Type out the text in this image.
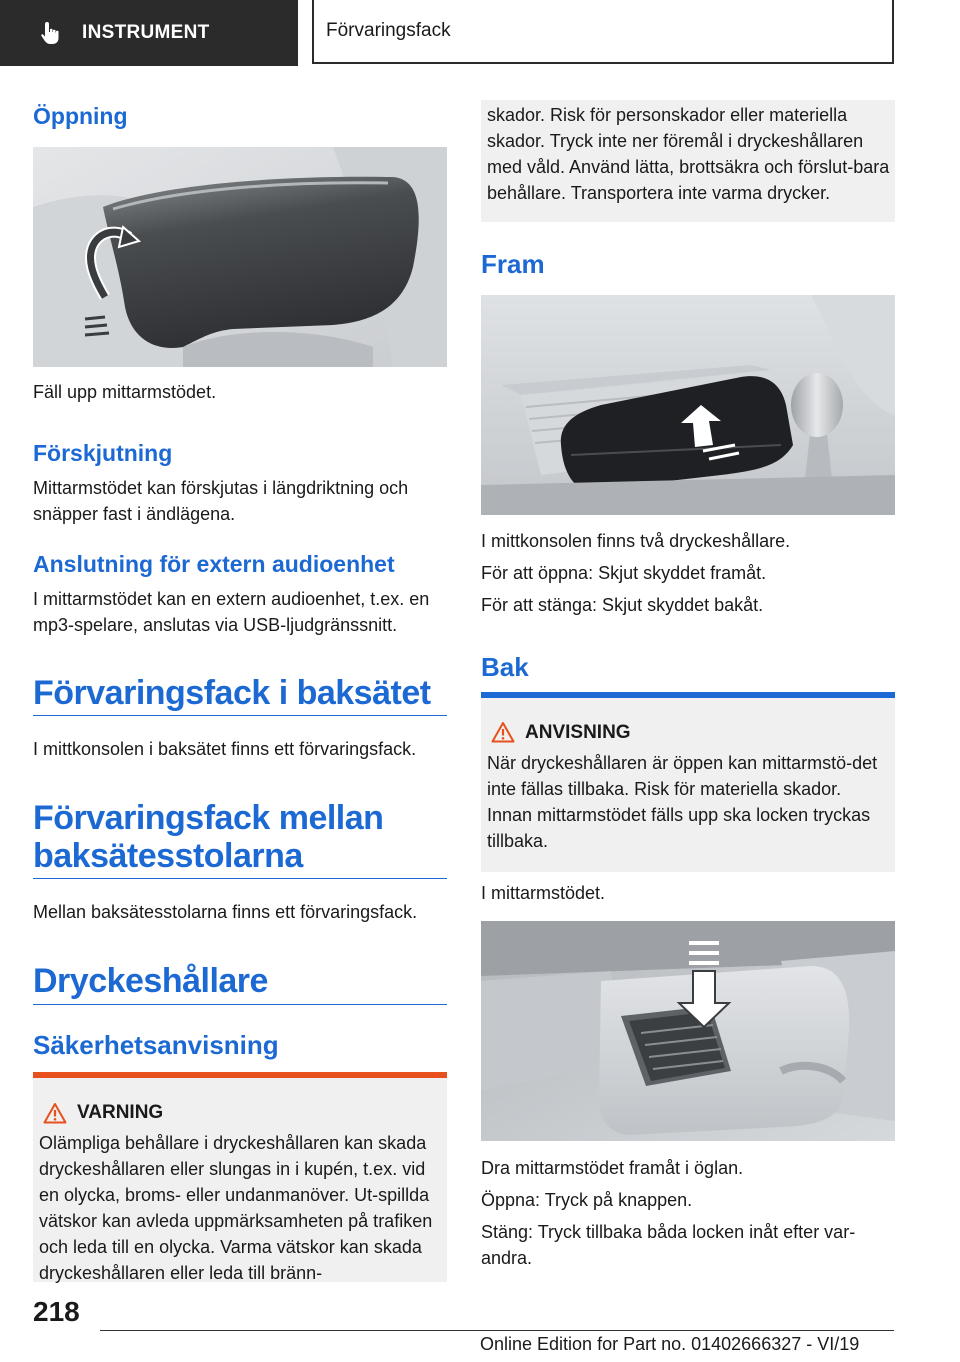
INSTRUMENT	Förvaringsfack
Öppning
Fäll upp mittarmstödet.
Förskjutning
Mittarmstödet kan förskjutas i längdriktning och snäpper fast i ändlägena.
Anslutning för extern audioenhet
I mittarmstödet kan en extern audioenhet, t.ex. en mp3-spelare, anslutas via USB-ljudgränssnitt.
Förvaringsfack i baksätet
I mittkonsolen i baksätet finns ett förvaringsfack.
Förvaringsfack mellan
baksätesstolarna
Mellan baksätesstolarna finns ett förvaringsfack.
Dryckeshållare
Säkerhetsanvisning
VARNING
Olämpliga behållare i dryckeshållaren kan skada dryckeshållaren eller slungas in i kupén, t.ex. vid en olycka, broms- eller undanmanöver. Ut-spillda vätskor kan avleda uppmärksamheten på trafiken och leda till en olycka. Varma vätskor kan skada dryckeshållaren eller leda till bränn-
skador. Risk för personskador eller materiella skador. Tryck inte ner föremål i dryckeshållaren med våld. Använd lätta, brottsäkra och förslut-bara behållare. Transportera inte varma drycker.
Fram
I mittkonsolen finns två dryckeshållare.
För att öppna: Skjut skyddet framåt.
För att stänga: Skjut skyddet bakåt.
Bak
ANVISNING
När dryckeshållaren är öppen kan mittarmstö-det inte fällas tillbaka. Risk för materiella skador. Innan mittarmstödet fälls upp ska locken tryckas tillbaka.
I mittarmstödet.
Dra mittarmstödet framåt i öglan.
Öppna: Tryck på knappen.
Stäng: Tryck tillbaka båda locken inåt efter var-andra.
218
Online Edition for Part no. 01402666327 - VI/19
